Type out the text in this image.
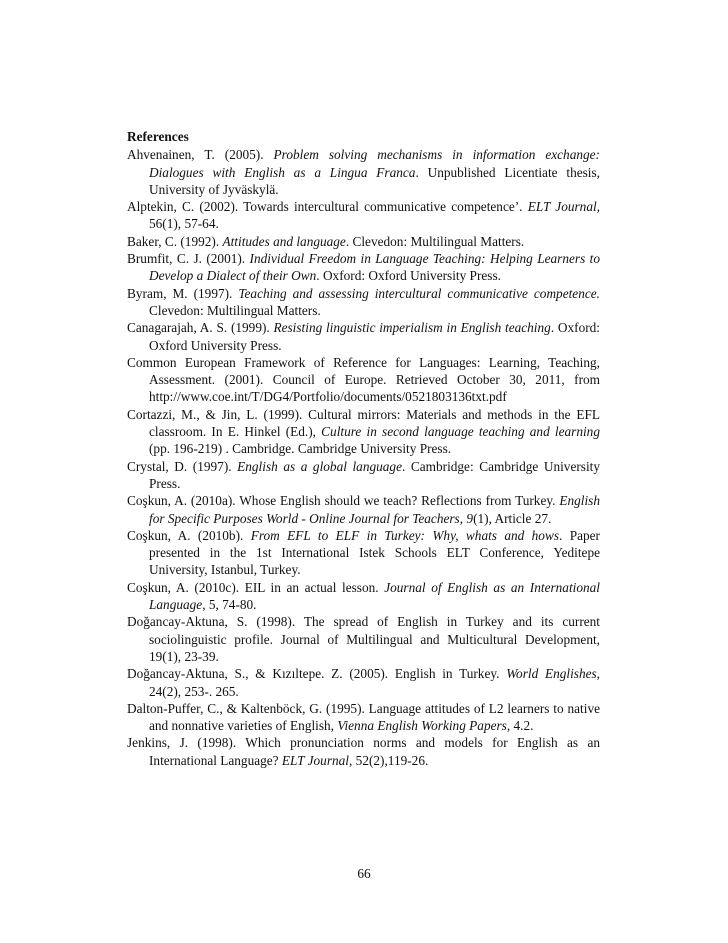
References
Ahvenainen, T. (2005). Problem solving mechanisms in information exchange: Dialogues with English as a Lingua Franca. Unpublished Licentiate thesis, University of Jyväskylä.
Alptekin, C. (2002). Towards intercultural communicative competence’. ELT Journal, 56(1), 57-64.
Baker, C. (1992). Attitudes and language. Clevedon: Multilingual Matters.
Brumfit, C. J. (2001). Individual Freedom in Language Teaching: Helping Learners to Develop a Dialect of their Own. Oxford: Oxford University Press.
Byram, M. (1997). Teaching and assessing intercultural communicative competence. Clevedon: Multilingual Matters.
Canagarajah, A. S. (1999). Resisting linguistic imperialism in English teaching. Oxford: Oxford University Press.
Common European Framework of Reference for Languages: Learning, Teaching, Assessment. (2001). Council of Europe. Retrieved October 30, 2011, from http://www.coe.int/T/DG4/Portfolio/documents/0521803136txt.pdf
Cortazzi, M., & Jin, L. (1999). Cultural mirrors: Materials and methods in the EFL classroom. In E. Hinkel (Ed.), Culture in second language teaching and learning (pp. 196-219) . Cambridge. Cambridge University Press.
Crystal, D. (1997). English as a global language. Cambridge: Cambridge University Press.
Coşkun, A. (2010a). Whose English should we teach? Reflections from Turkey. English for Specific Purposes World - Online Journal for Teachers, 9(1), Article 27.
Coşkun, A. (2010b). From EFL to ELF in Turkey: Why, whats and hows. Paper presented in the 1st International Istek Schools ELT Conference, Yeditepe University, Istanbul, Turkey.
Coşkun, A. (2010c). EIL in an actual lesson. Journal of English as an International Language, 5, 74-80.
Doğancay-Aktuna, S. (1998). The spread of English in Turkey and its current sociolinguistic profile. Journal of Multilingual and Multicultural Development, 19(1), 23-39.
Doğancay-Aktuna, S., & Kızıltepe. Z. (2005). English in Turkey. World Englishes, 24(2), 253-. 265.
Dalton-Puffer, C., & Kaltenböck, G. (1995). Language attitudes of L2 learners to native and nonnative varieties of English, Vienna English Working Papers, 4.2.
Jenkins, J. (1998). Which pronunciation norms and models for English as an International Language? ELT Journal, 52(2),119-26.
66
